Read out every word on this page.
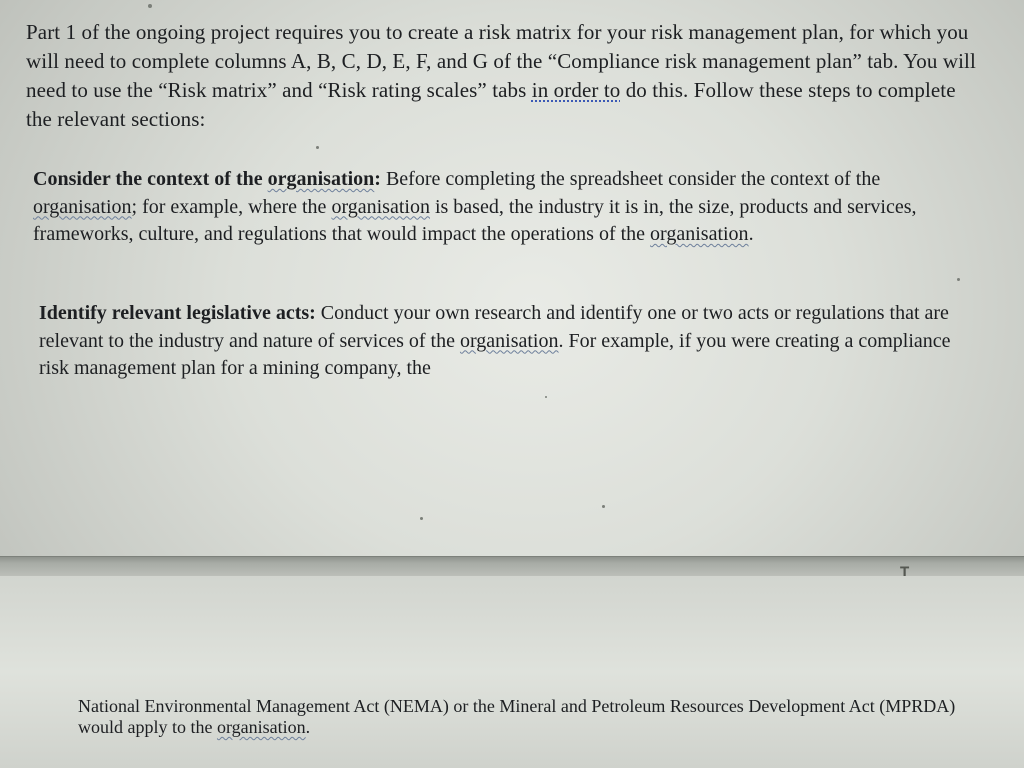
Part 1 of the ongoing project requires you to create a risk matrix for your risk management plan, for which you will need to complete columns A, B, C, D, E, F, and G of the “Compliance risk management plan” tab. You will need to use the “Risk matrix” and “Risk rating scales” tabs in order to do this. Follow these steps to complete the relevant sections:

Consider the context of the organisation: Before completing the spreadsheet consider the context of the organisation; for example, where the organisation is based, the industry it is in, the size, products and services, frameworks, culture, and regulations that would impact the operations of the organisation.

Identify relevant legislative acts: Conduct your own research and identify one or two acts or regulations that are relevant to the industry and nature of services of the organisation. For example, if you were creating a compliance risk management plan for a mining company, the

National Environmental Management Act (NEMA) or the Mineral and Petroleum Resources Development Act (MPRDA) would apply to the organisation.
